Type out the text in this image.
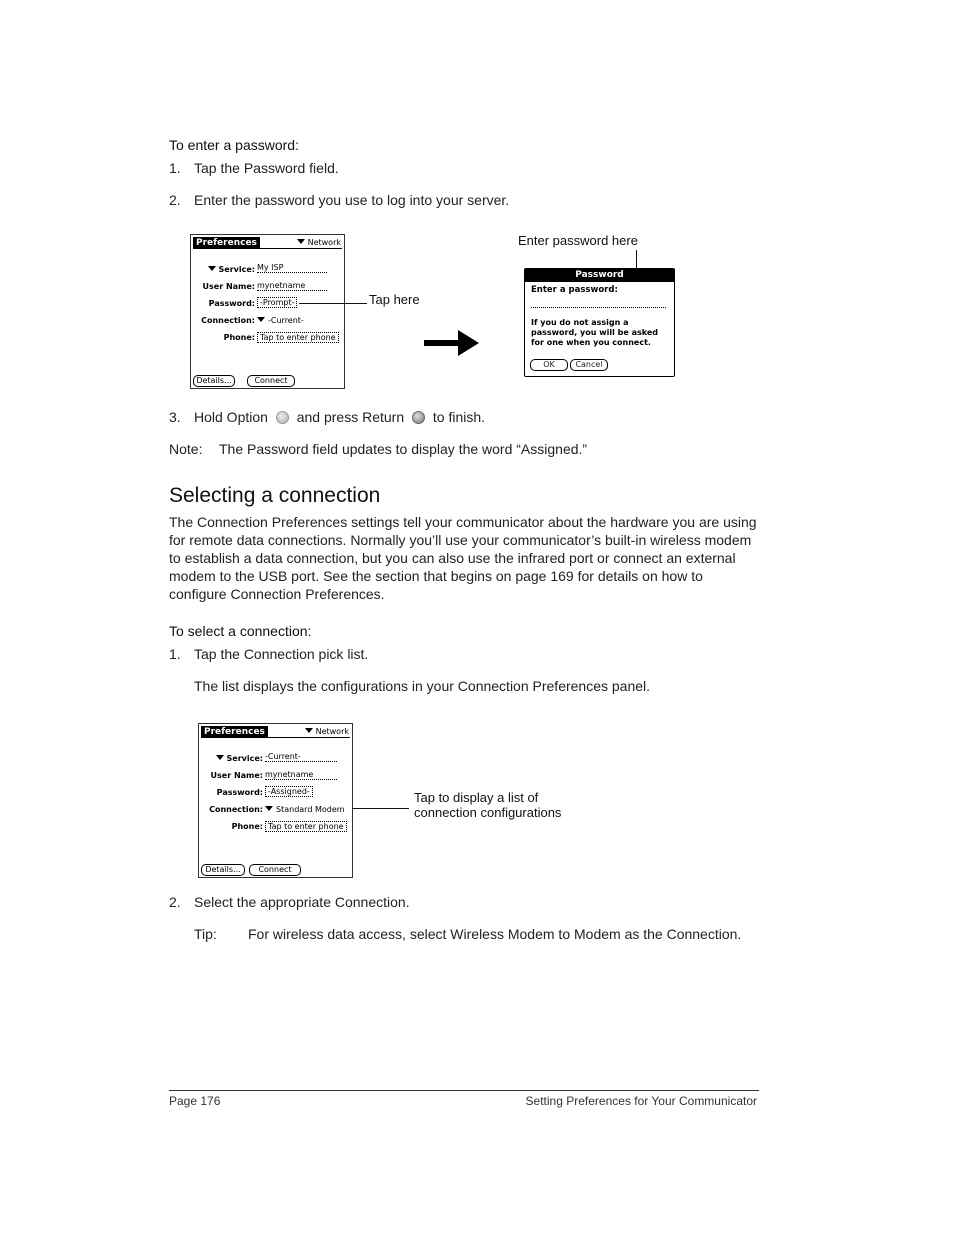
To enter a password:
1. Tap the Password field.
2. Enter the password you use to log into your server.
Preferences	Network
Service: My ISP
User Name: mynetname
Password: -Prompt-
Connection:	-Current-
Phone: Tap to enter phone
Details...	Connect
Tap here
Enter password here
Password
Enter a password:
If you do not assign a password, you will be asked for one when you connect.
OK	Cancel
3. Hold Option and press Return to finish.
Note: The Password field updates to display the word “Assigned.”
Selecting a connection
The Connection Preferences settings tell your communicator about the hardware you are using for remote data connections. Normally you’ll use your communicator’s built-in wireless modem to establish a data connection, but you can also use the infrared port or connect an external modem to the USB port. See the section that begins on page 169 for details on how to configure Connection Preferences.
To select a connection:
1. Tap the Connection pick list.
The list displays the configurations in your Connection Preferences panel.
Preferences	Network
Service: -Current-
User Name: mynetname
Password: -Assigned-
Connection:	Standard Modem
Phone: Tap to enter phone
Details...	Connect
Tap to display a list of
connection configurations
2. Select the appropriate Connection.
Tip: For wireless data access, select Wireless Modem to Modem as the Connection.
Page 176	Setting Preferences for Your Communicator
